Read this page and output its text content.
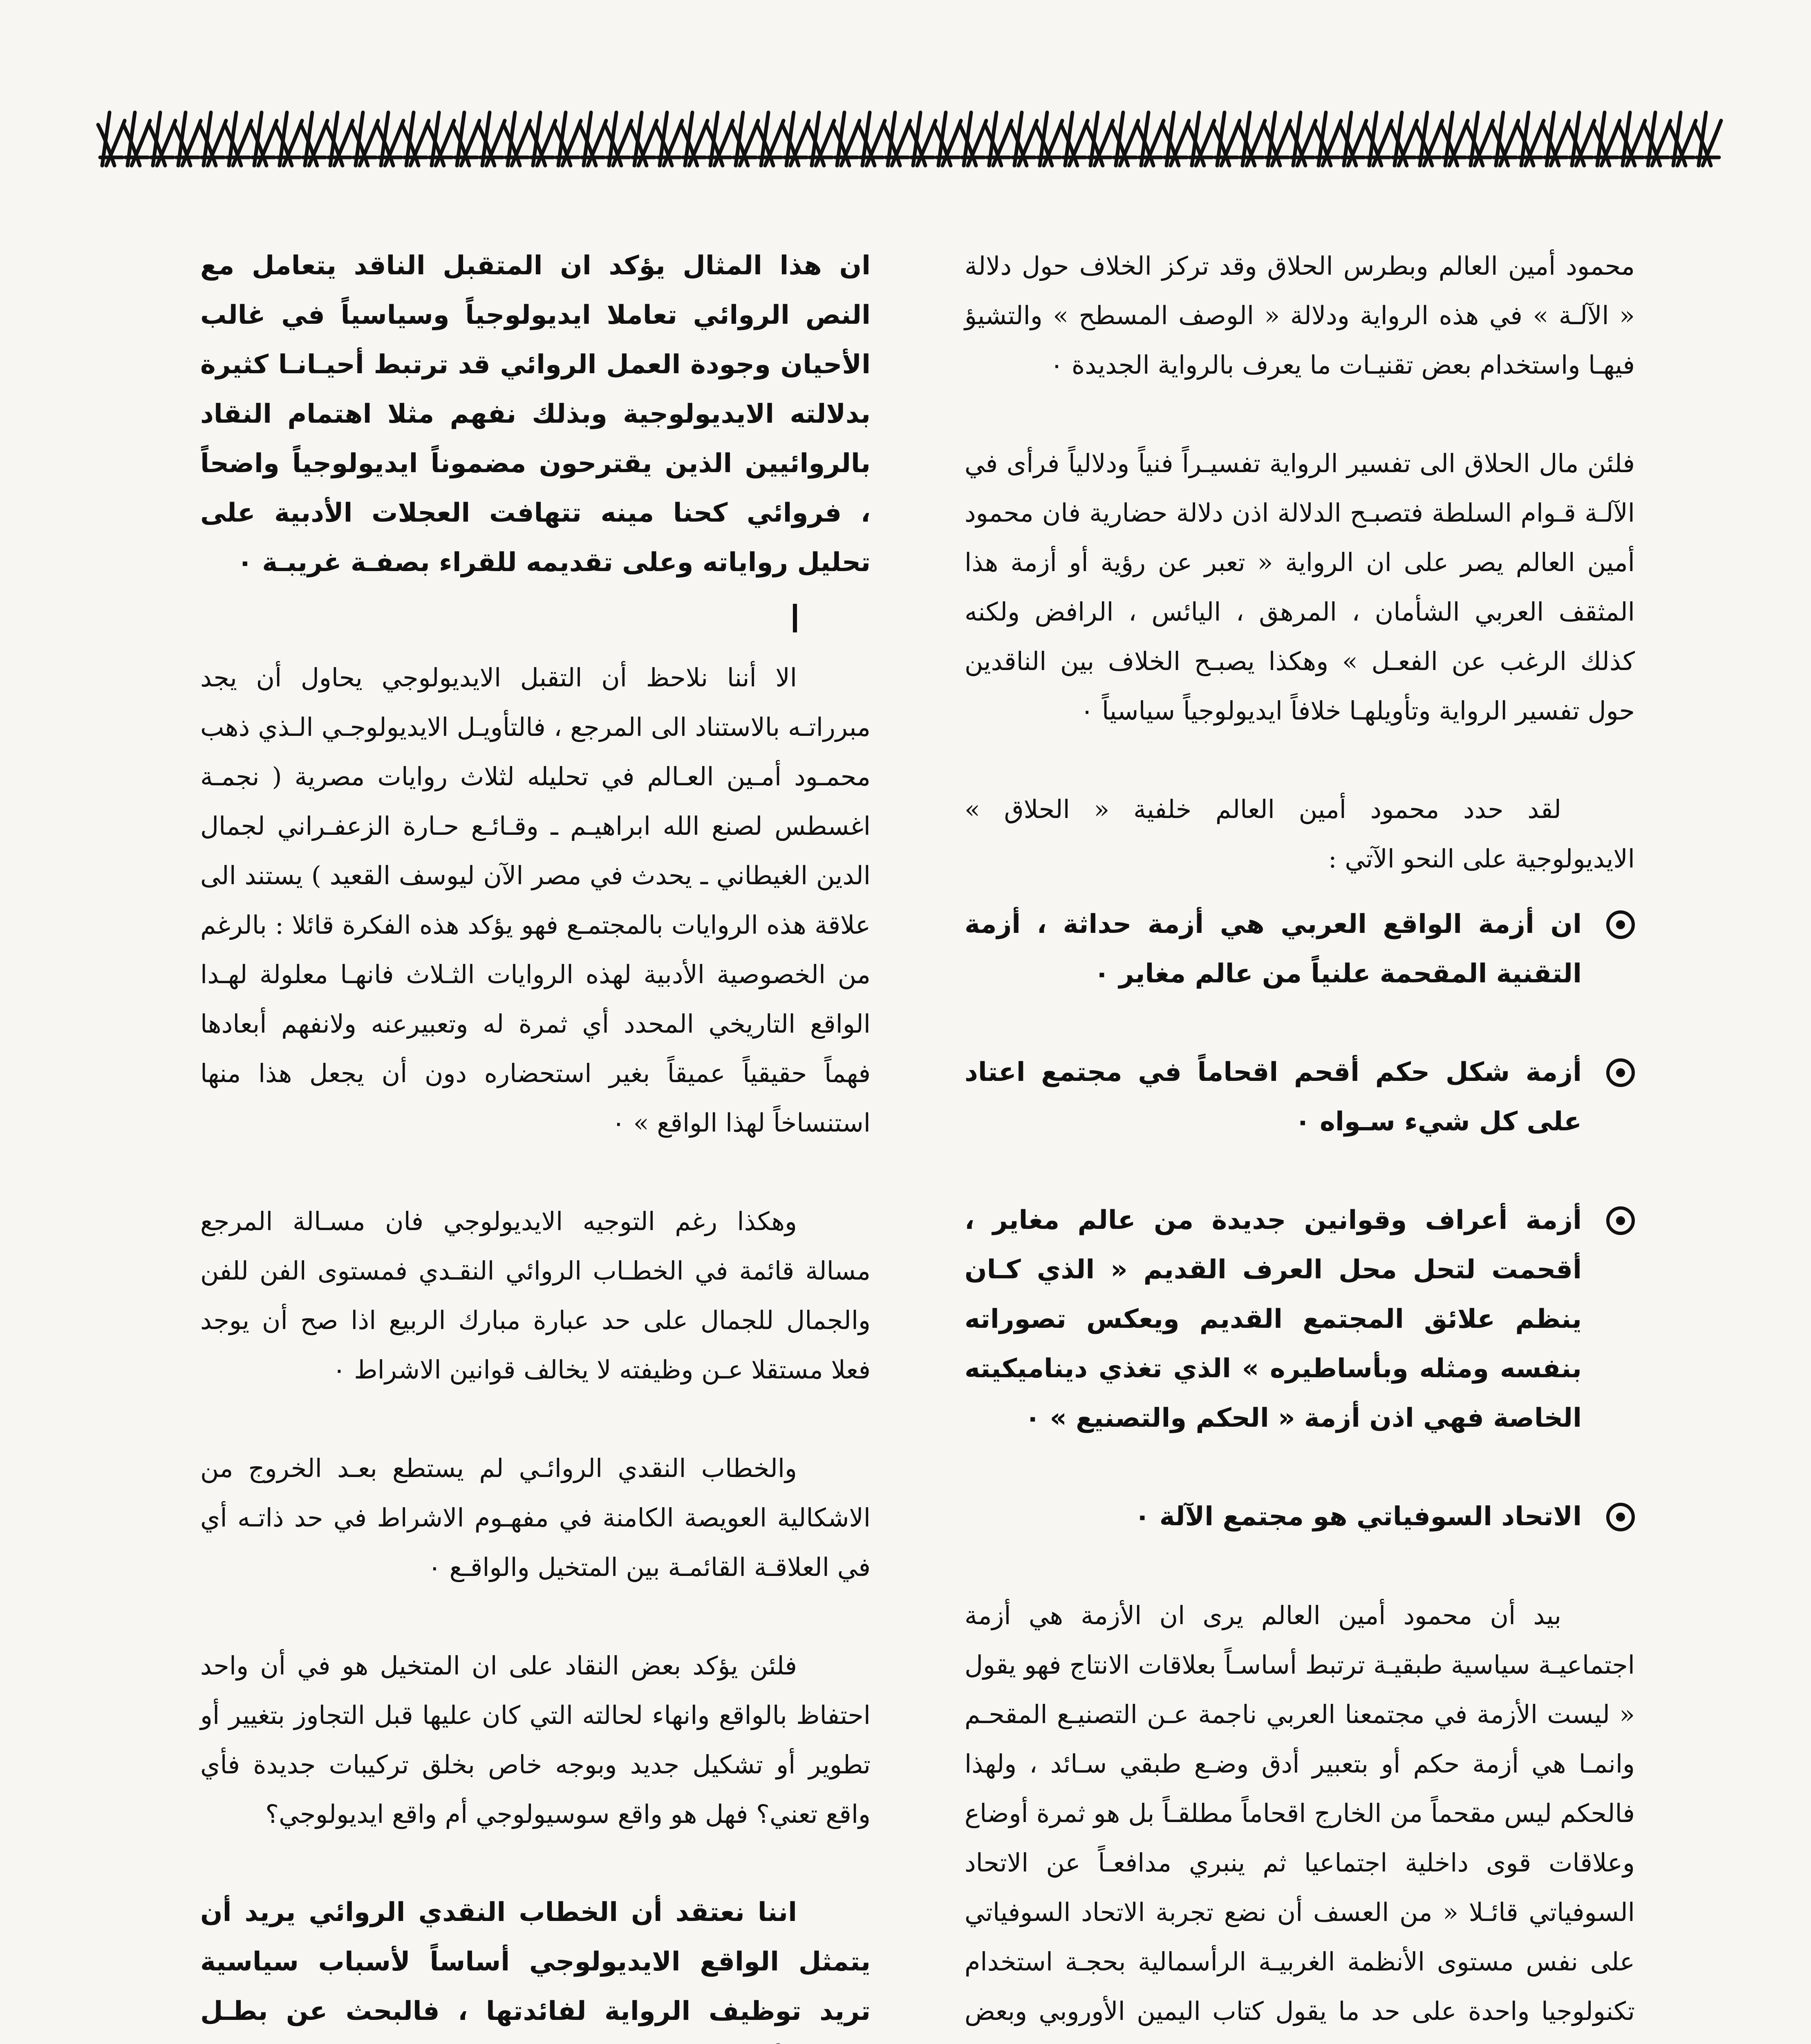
محمود أمين العالم وبطرس الحلاق وقد تركز الخلاف حول دلالة « الآلـة » في هذه الرواية ودلالة « الوصف المسطح » والتشيؤ فيهـا واستخدام بعض تقنيـات ما يعرف بالرواية الجديدة ٠

فلئن مال الحلاق الى تفسير الرواية تفسيـراً فنياً ودلالياً فرأى في الآلـة قـوام السلطة فتصبـح الدلالة اذن دلالة حضارية فان محمود أمين العالم يصر على ان الرواية « تعبر عن رؤية أو أزمة هذا المثقف العربي الشأمان ، المرهق ، اليائس ، الرافض ولكنه كذلك الرغب عن الفعـل » وهكذا يصبـح الخلاف بين الناقدين حول تفسير الرواية وتأويلهـا خلافاً ايديولوجياً سياسياً ٠

لقد حدد محمود أمين العالم خلفية « الحلاق » الايديولوجية على النحو الآتي :

ان أزمة الواقع العربي هي أزمة حداثة ، أزمة التقنية المقحمة علنياً من عالم مغاير ٠
أزمة شكل حكم أقحم اقحاماً في مجتمع اعتاد على كل شيء سـواه ٠
أزمة أعراف وقوانين جديدة من عالم مغاير ، أقحمت لتحل محل العرف القديم « الذي كـان ينظم علائق المجتمع القديم ويعكس تصوراته بنفسه ومثله وبأساطيره » الذي تغذي ديناميكيته الخاصة فهي اذن أزمة « الحكم والتصنيع » ٠
الاتحاد السوفياتي هو مجتمع الآلة ٠

بيد أن محمود أمين العالم يرى ان الأزمة هي أزمة اجتماعيـة سياسية طبقيـة ترتبط أساسـاً بعلاقات الانتاج فهو يقول « ليست الأزمة في مجتمعنا العربي ناجمة عـن التصنيـع المقحـم وانمـا هي أزمة حكم أو بتعبير أدق وضـع طبقي سـائد ، ولهذا فالحكم ليس مقحماً من الخارج اقحاماً مطلقـاً بل هو ثمرة أوضاع وعلاقات قوى داخلية اجتماعيا ثم ينبري مدافعـاً عن الاتحاد السوفياتي قائـلا « من العسف أن نضع تجربة الاتحاد السوفياتي على نفس مستوى الأنظمة الغربيـة الرأسمالية بحجـة استخدام تكنولوجيا واحدة على حد ما يقول كتاب اليمين الأوروبي وبعض

ان هذا المثال يؤكد ان المتقبل الناقد يتعامل مع النص الروائي تعاملا ايديولوجياً وسياسياً في غالب الأحيان وجودة العمل الروائي قد ترتبط أحيـانـا كثيرة بدلالته الايديولوجية وبذلك نفهم مثلا اهتمام النقاد بالروائيين الذين يقترحون مضموناً ايديولوجياً واضحاً ، فروائي كحنا مينه تتهافت العجلات الأدبية على تحليل رواياته وعلى تقديمه للقراء بصفـة غريبـة ٠

الا أننا نلاحظ أن التقبل الايديولوجي يحاول أن يجد مبرراتـه بالاستناد الى المرجع ، فالتأويـل الايديولوجـي الـذي ذهب محمـود أمـين العـالم في تحليله لثلاث روايات مصرية ( نجمـة اغسطس لصنع الله ابراهيـم ـ وقـائـع حـارة الزعفـراني لجمال الدين الغيطاني ـ يحدث في مصر الآن ليوسف القعيد ) يستند الى علاقة هذه الروايات بالمجتمـع فهو يؤكد هذه الفكرة قائلا : بالرغم من الخصوصية الأدبية لهذه الروايات الثـلاث فانهـا معلولة لهـدا الواقع التاريخي المحدد أي ثمرة له وتعبيرعنه ولانفهم أبعادها فهماً حقيقياً عميقاً بغير استحضاره دون أن يجعل هذا منها استنساخاً لهذا الواقع » ٠

وهكذا رغم التوجيه الايديولوجي فان مسـالة المرجع مسالة قائمة في الخطـاب الروائي النقـدي فمستوى الفن للفن والجمال للجمال على حد عبارة مبارك الربيع اذا صح أن يوجد فعلا مستقلا عـن وظيفته لا يخالف قوانين الاشراط ٠

والخطاب النقدي الروائـي لم يستطع بعـد الخروج من الاشكالية العويصة الكامنة في مفهـوم الاشراط في حد ذاتـه أي في العلاقـة القائمـة بين المتخيل والواقـع ٠

فلئن يؤكد بعض النقاد على ان المتخيل هو في أن واحد احتفاظ بالواقع وانهاء لحالته التي كان عليها قبل التجاوز بتغيير أو تطوير أو تشكيل جديد وبوجه خاص بخلق تركيبات جديدة فأي واقع تعني؟ فهل هو واقع سوسيولوجي أم واقع ايديولوجي؟

اننا نعتقد أن الخطاب النقدي الروائي يريد أن يتمثل الواقع الايديولوجي أساساً لأسباب سياسية تريد توظيف الرواية لفائدتها ، فالبحث عن بطـل
